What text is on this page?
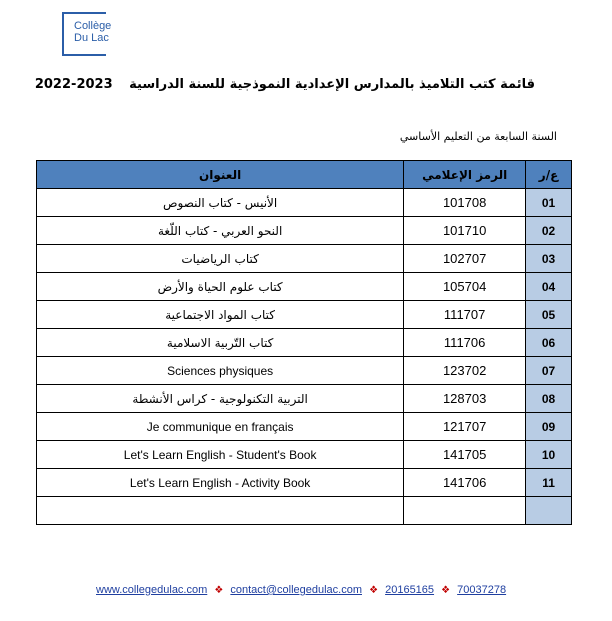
Collège
Du Lac
قائمة كتب التلاميذ بالمدارس الإعدادية النموذجية للسنة الدراسية 2023-2022
السنة السابعة من التعليم الأساسي
العنوان	الرمز الإعلامي	ع/ر
الأنيس - كتاب النصوص	101708	01
النحو العربي - كتاب اللّغة	101710	02
كتاب الرياضيات	102707	03
كتاب علوم الحياة والأرض	105704	04
كتاب المواد الاجتماعية	111707	05
كتاب التّربية الاسلامية	111706	06
Sciences physiques	123702	07
التربية التكنولوجية - كراس الأنشطة	128703	08
Je communique en français	121707	09
Let's Learn English - Student's Book	141705	10
Let's Learn English - Activity Book	141706	11

www.collegedulac.com ❖ contact@collegedulac.com ❖ 20165165 ❖ 70037278
